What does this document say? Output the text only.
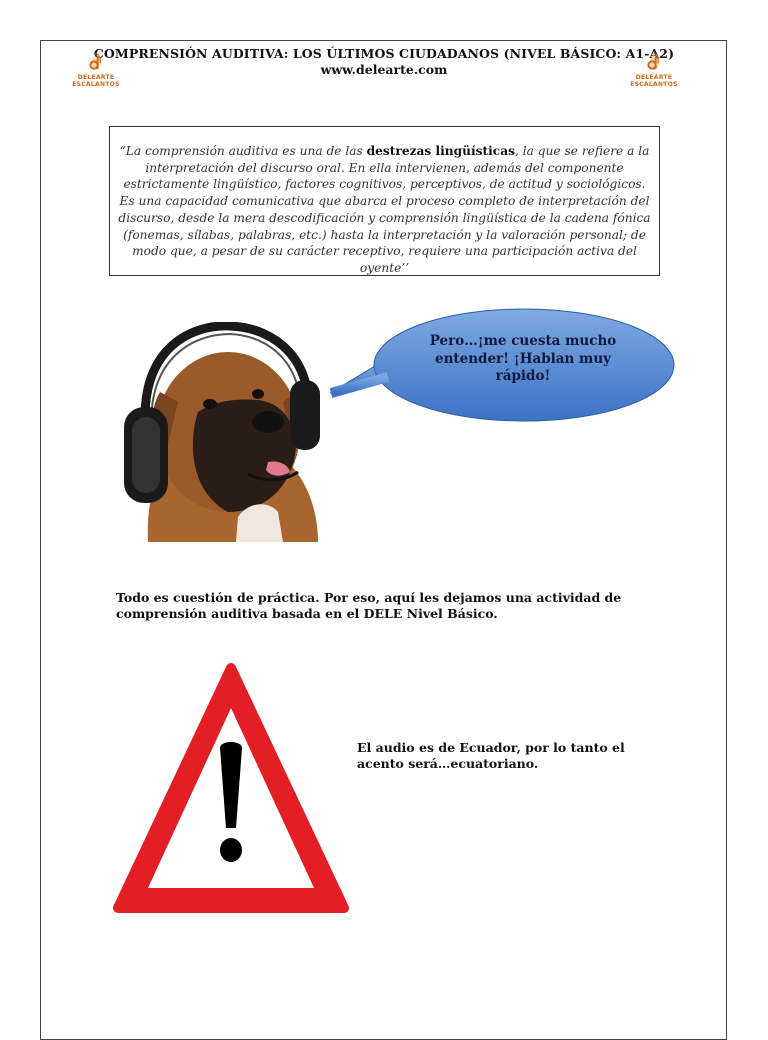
COMPRENSIÓN AUDITIVA: LOS ÚLTIMOS CIUDADANOS (NIVEL BÁSICO: A1-A2)
www.delearte.com
DELEARTE
ESCALANTOS
DELEARTE
ESCALANTOS
“La comprensión auditiva es una de las destrezas lingüísticas, la que se refiere a la interpretación del discurso oral. En ella intervienen, además del componente estrictamente lingüístico, factores cognitivos, perceptivos, de actitud y sociológicos. Es una capacidad comunicativa que abarca el proceso completo de interpretación del discurso, desde la mera descodificación y comprensión lingüística de la cadena fónica (fonemas, sílabas, palabras, etc.) hasta la interpretación y la valoración personal; de modo que, a pesar de su carácter receptivo, requiere una participación activa del oyente’’
Pero…¡me cuesta mucho entender! ¡Hablan muy rápido!
Todo es cuestión de práctica. Por eso, aquí les dejamos una actividad de comprensión auditiva basada en el DELE Nivel Básico.
El audio es de Ecuador, por lo tanto el acento será…ecuatoriano.
